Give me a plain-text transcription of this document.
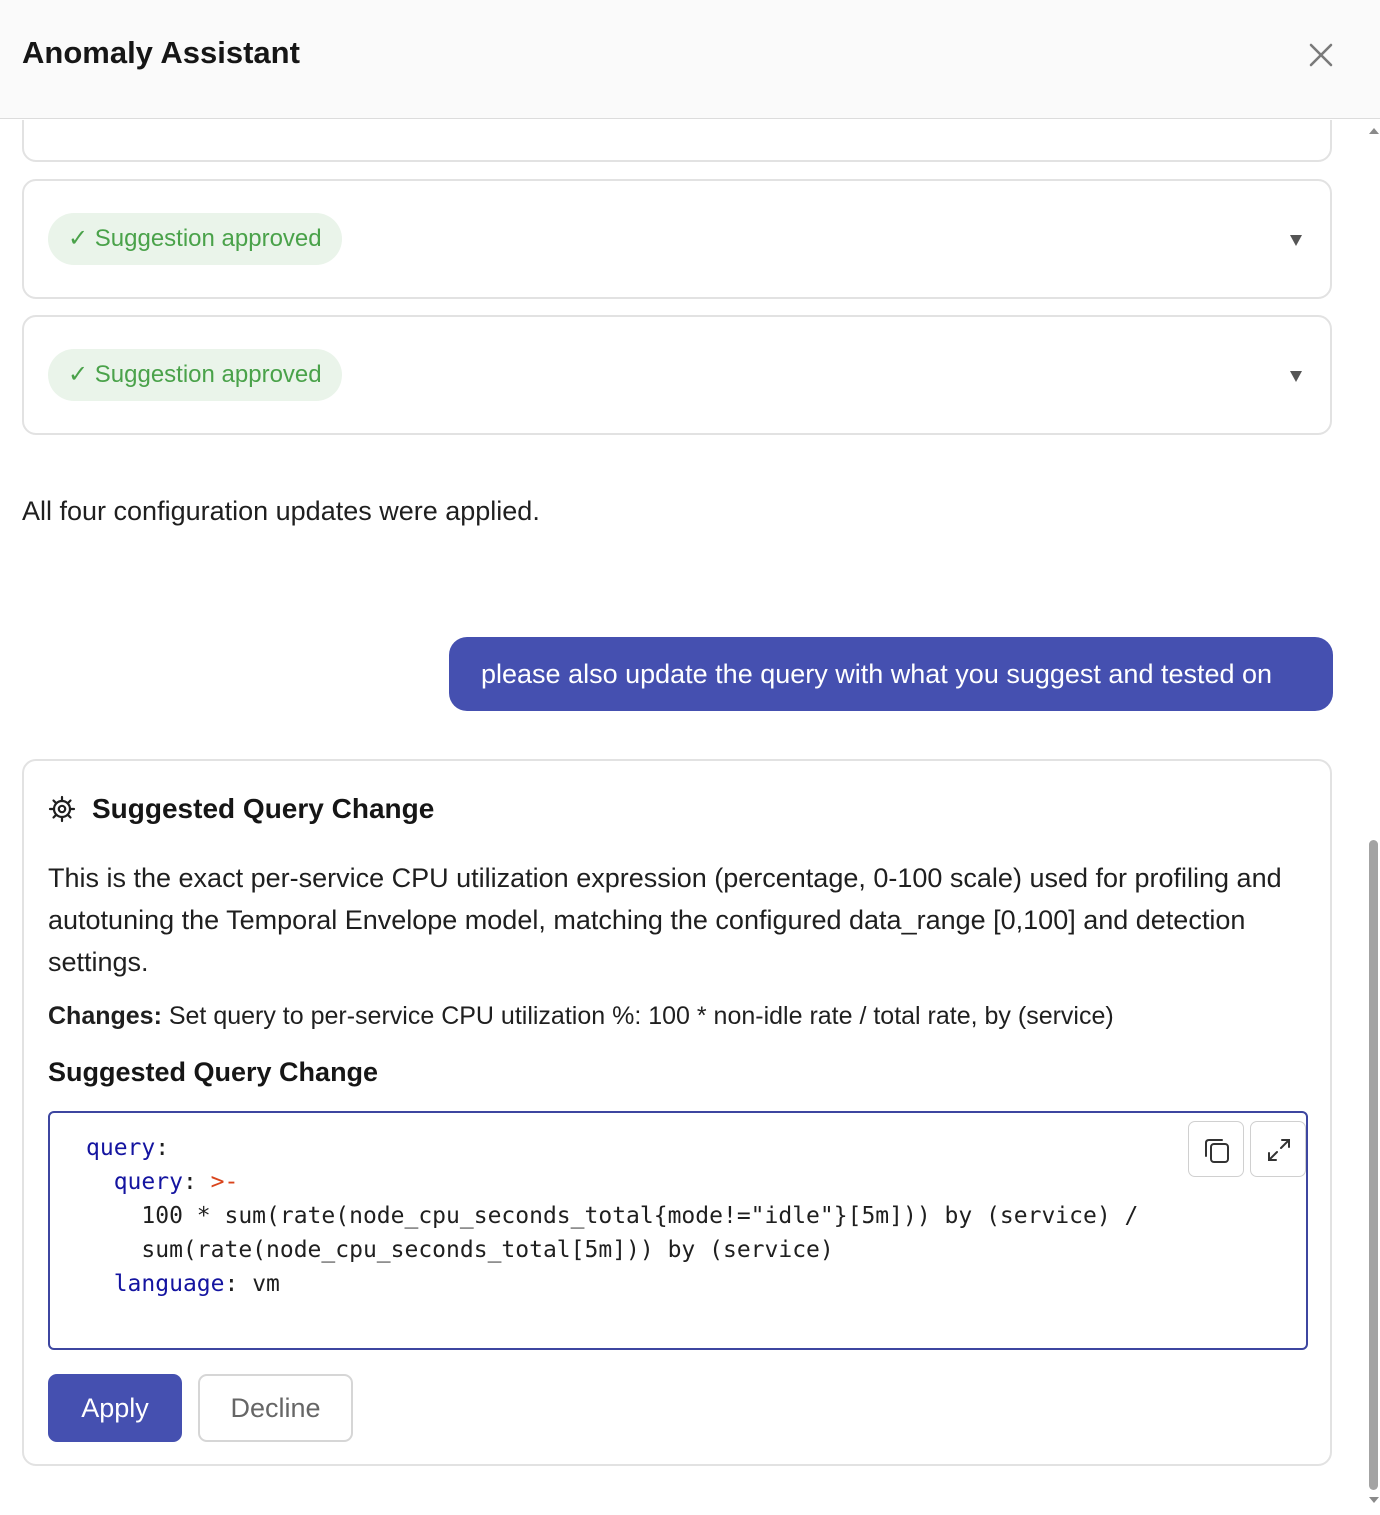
Anomaly Assistant
✓ Suggestion approved
✓ Suggestion approved
All four configuration updates were applied.
please also update the query with what you suggest and tested on
Suggested Query Change
This is the exact per-service CPU utilization expression (percentage, 0-100 scale) used for profiling and autotuning the Temporal Envelope model, matching the configured data_range [0,100] and detection settings.
Changes: Set query to per-service CPU utilization %: 100 * non-idle rate / total rate, by (service)
Suggested Query Change
query:
query: >-
100 * sum(rate(node_cpu_seconds_total{mode!="idle"}[5m])) by (service) /
sum(rate(node_cpu_seconds_total[5m])) by (service)
language: vm
Apply	Decline
